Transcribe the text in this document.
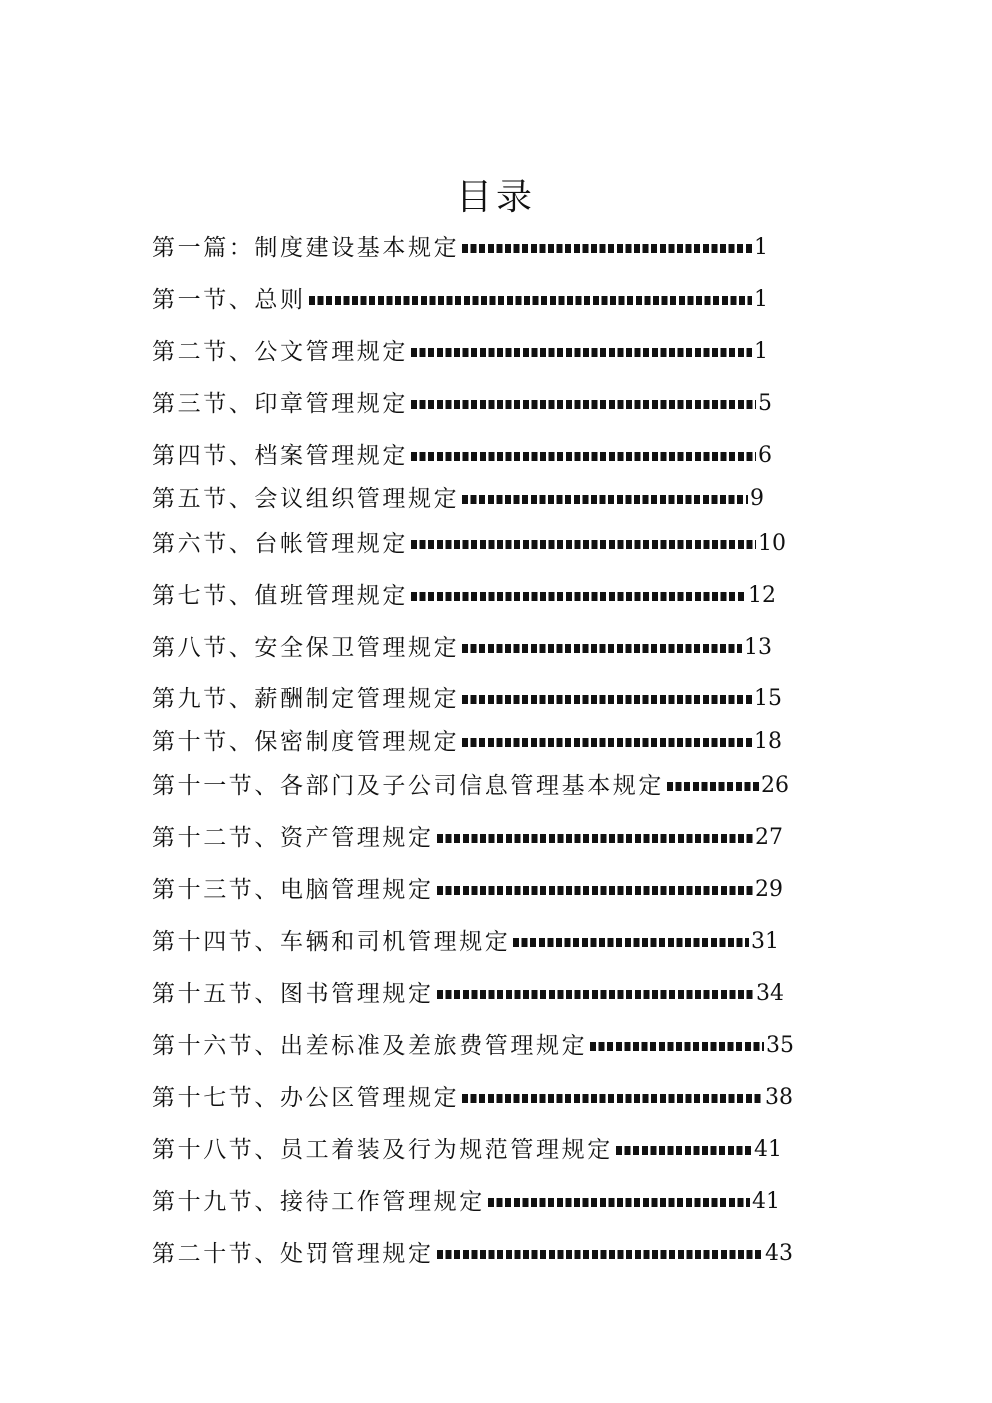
目录
第一篇：制度建设基本规定	1
第一节、总则	1
第二节、公文管理规定	1
第三节、印章管理规定	5
第四节、档案管理规定	6
第五节、会议组织管理规定	9
第六节、台帐管理规定	10
第七节、值班管理规定	12
第八节、安全保卫管理规定	13
第九节、薪酬制定管理规定	15
第十节、保密制度管理规定	18
第十一节、各部门及子公司信息管理基本规定	26
第十二节、资产管理规定	27
第十三节、电脑管理规定	29
第十四节、车辆和司机管理规定	31
第十五节、图书管理规定	34
第十六节、出差标准及差旅费管理规定	35
第十七节、办公区管理规定	38
第十八节、员工着装及行为规范管理规定	41
第十九节、接待工作管理规定	41
第二十节、处罚管理规定	43
